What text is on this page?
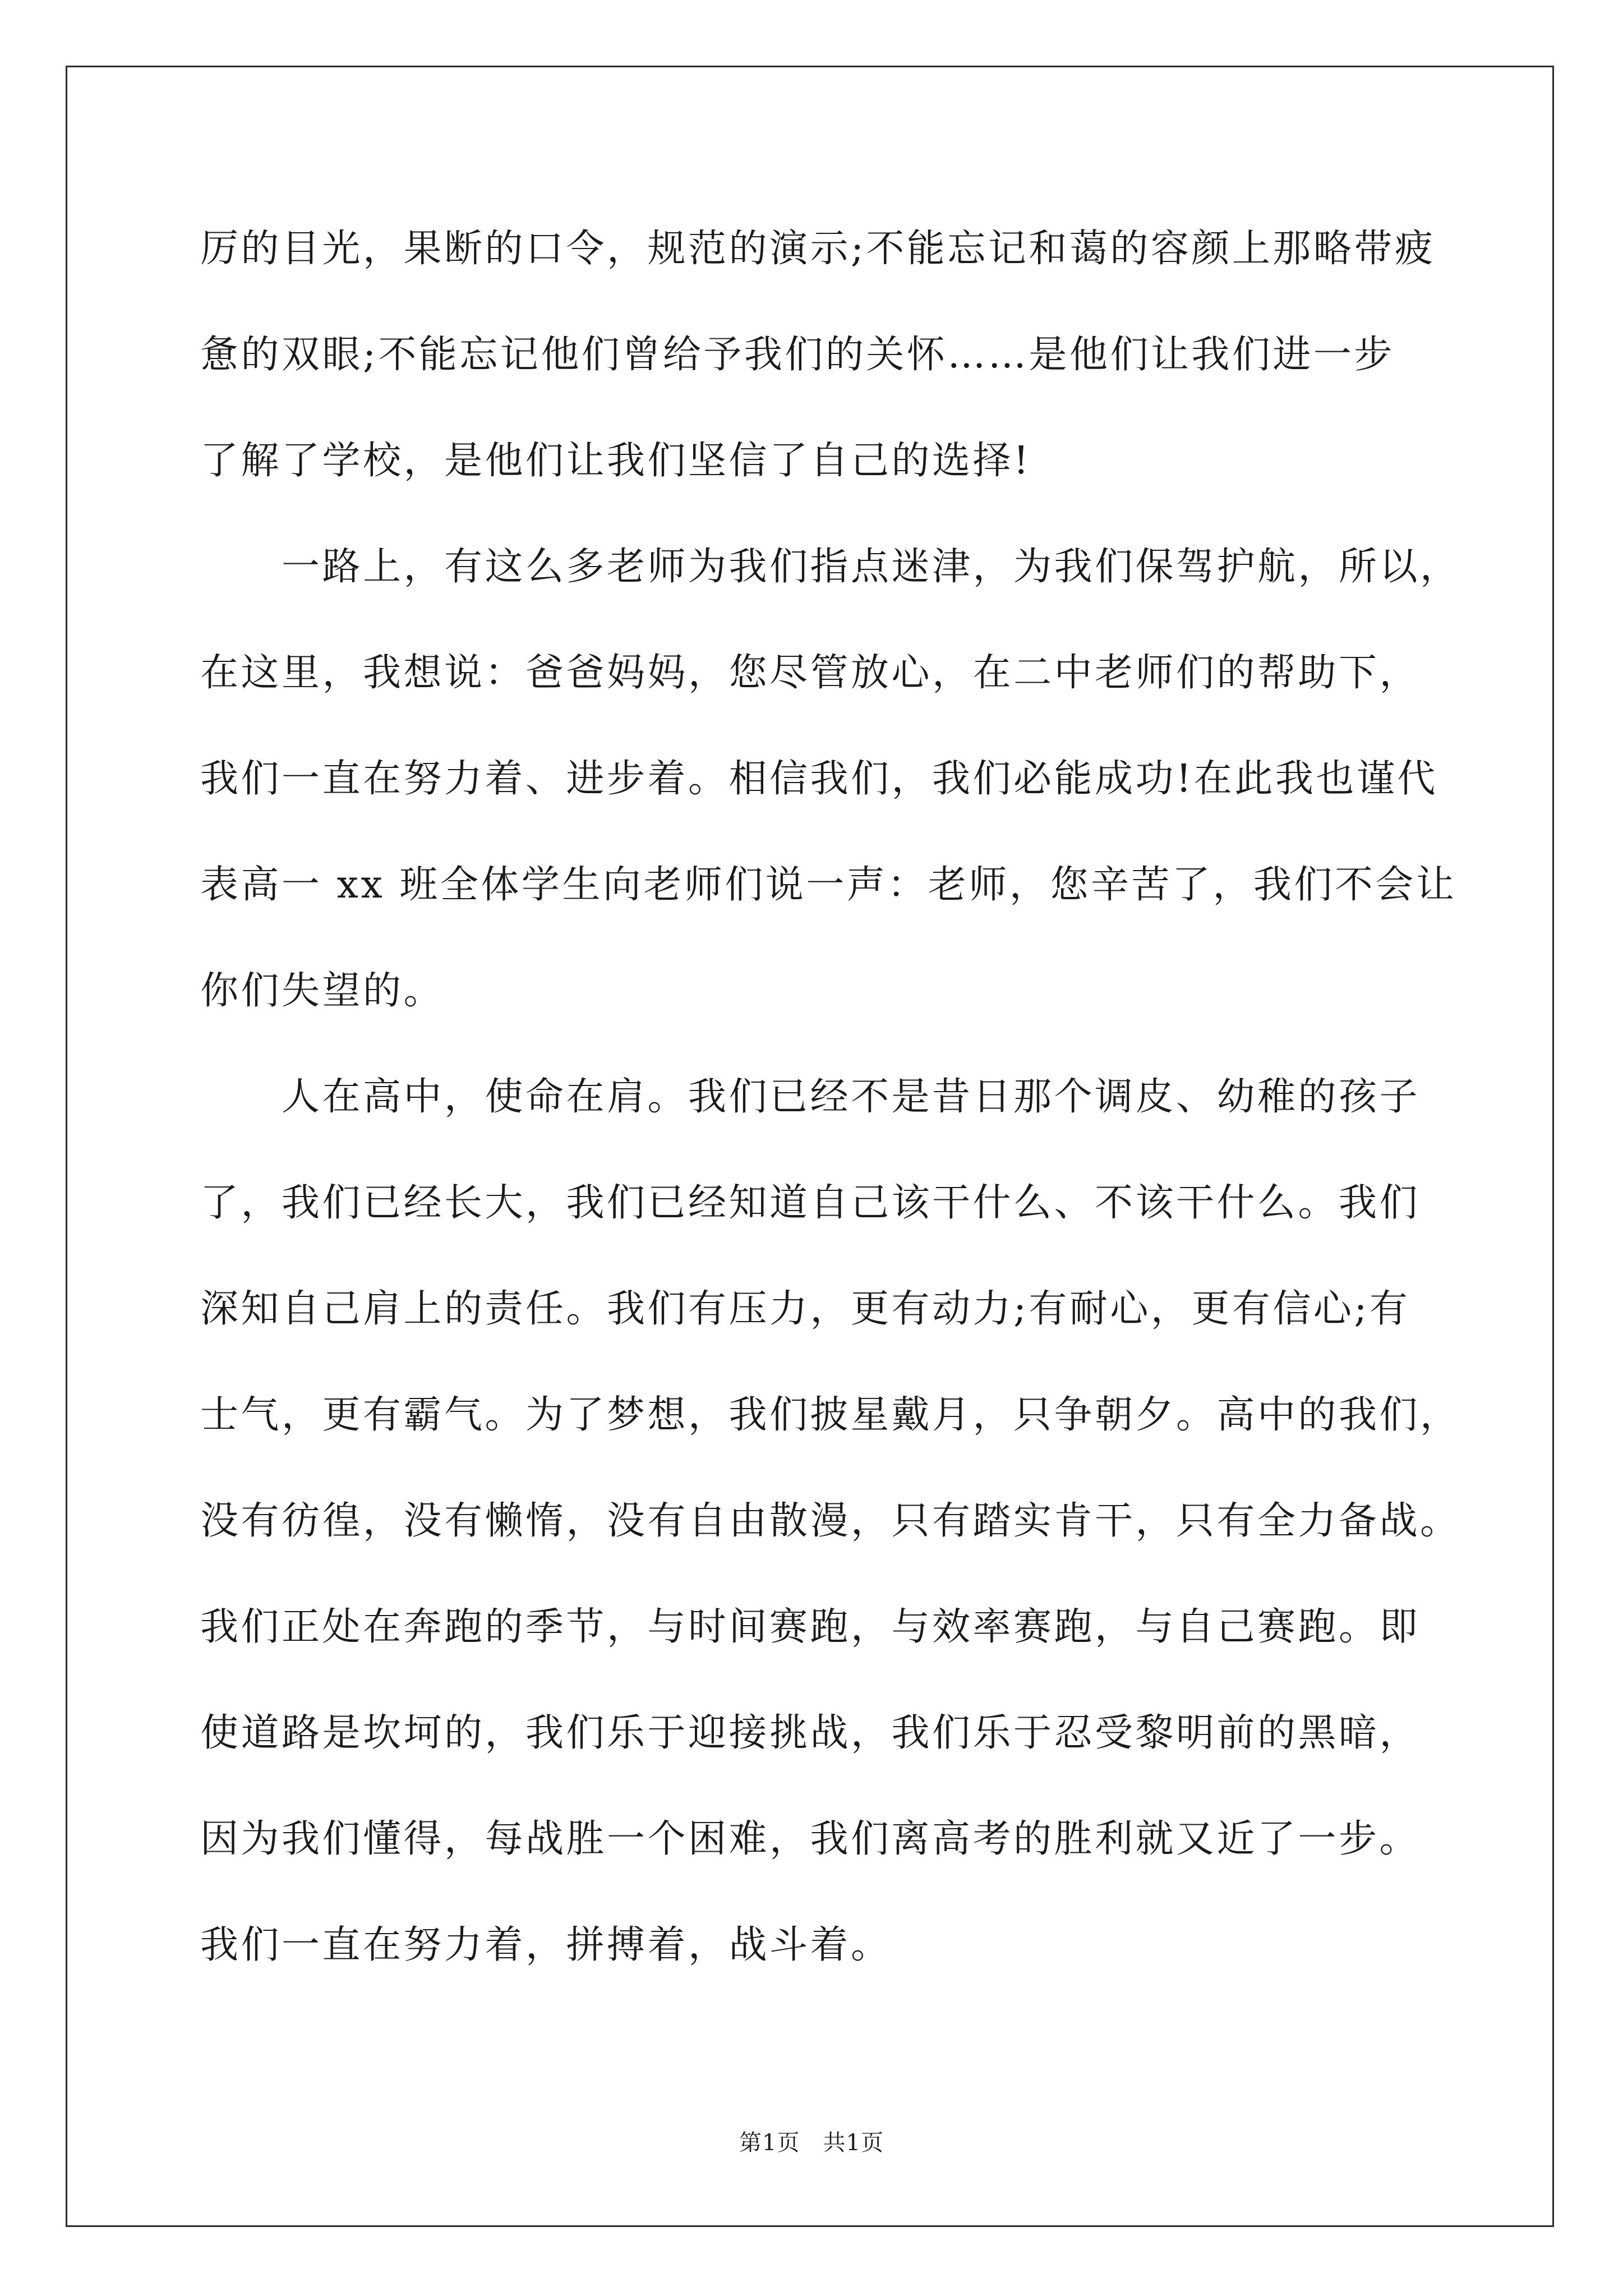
厉的目光，果断的口令，规范的演示;不能忘记和蔼的容颜上那略带疲
惫的双眼;不能忘记他们曾给予我们的关怀……是他们让我们进一步
了解了学校，是他们让我们坚信了自己的选择!
一路上，有这么多老师为我们指点迷津，为我们保驾护航，所以，
在这里，我想说：爸爸妈妈，您尽管放心，在二中老师们的帮助下，
我们一直在努力着、进步着。相信我们，我们必能成功!在此我也谨代
表高一 xx 班全体学生向老师们说一声：老师，您辛苦了，我们不会让
你们失望的。
人在高中，使命在肩。我们已经不是昔日那个调皮、幼稚的孩子
了，我们已经长大，我们已经知道自己该干什么、不该干什么。我们
深知自己肩上的责任。我们有压力，更有动力;有耐心，更有信心;有
士气，更有霸气。为了梦想，我们披星戴月，只争朝夕。高中的我们，
没有彷徨，没有懒惰，没有自由散漫，只有踏实肯干，只有全力备战。
我们正处在奔跑的季节，与时间赛跑，与效率赛跑，与自己赛跑。即
使道路是坎坷的，我们乐于迎接挑战，我们乐于忍受黎明前的黑暗，
因为我们懂得，每战胜一个困难，我们离高考的胜利就又近了一步。
我们一直在努力着，拼搏着，战斗着。
第1页　共1页
